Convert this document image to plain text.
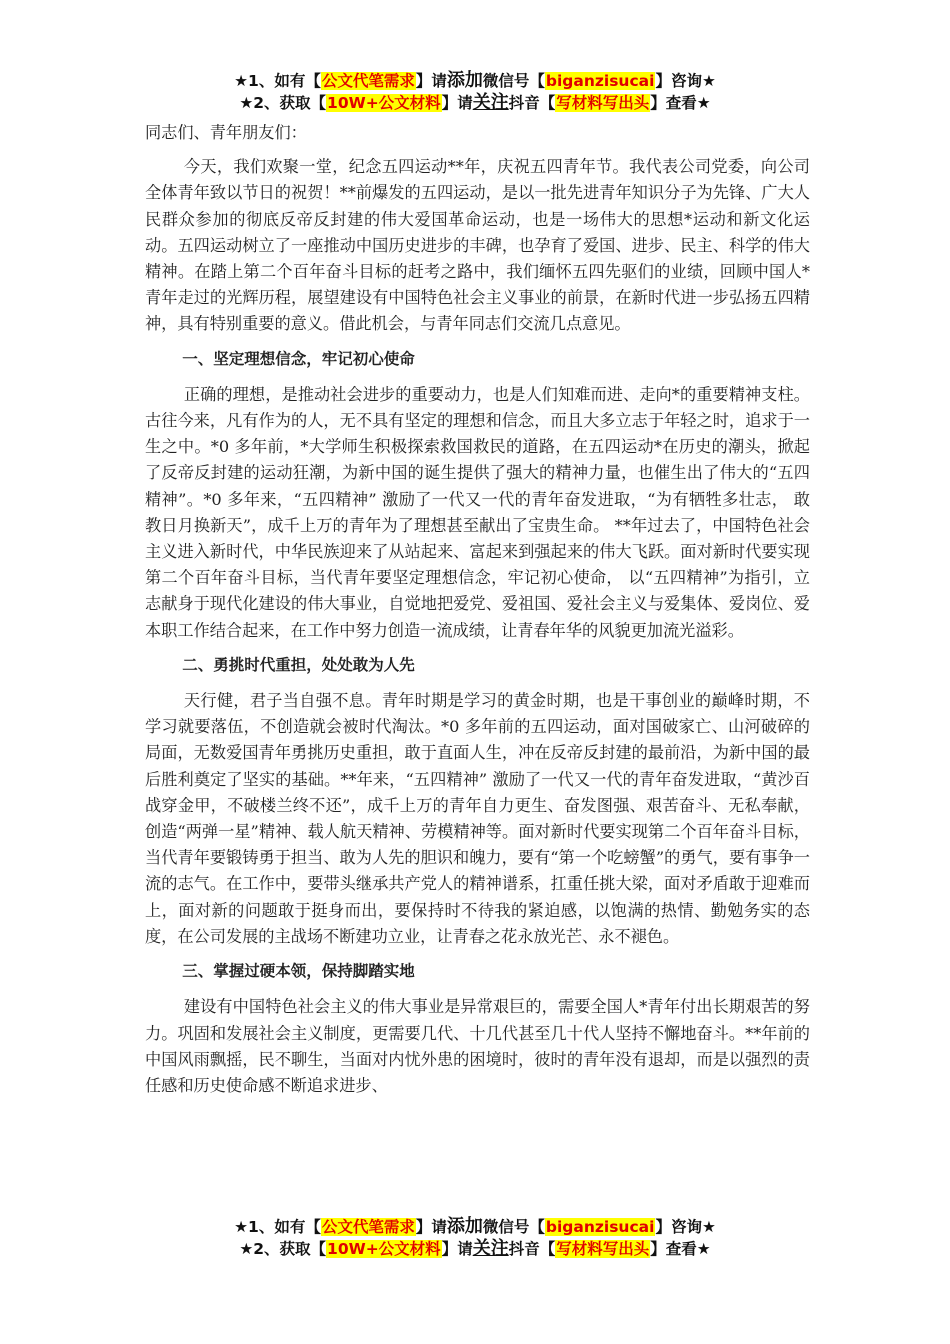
★1、如有【公文代笔需求】请添加微信号【biganzisucai】咨询★
★2、获取【10W+公文材料】请关注抖音【写材料写出头】查看★

同志们、青年朋友们：

今天，我们欢聚一堂，纪念五四运动**年，庆祝五四青年节。我代表公司党委，向公司全体青年致以节日的祝贺！**前爆发的五四运动，是以一批先进青年知识分子为先锋、广大人民群众参加的彻底反帝反封建的伟大爱国革命运动，也是一场伟大的思想*运动和新文化运动。五四运动树立了一座推动中国历史进步的丰碑，也孕育了爱国、进步、民主、科学的伟大精神。在踏上第二个百年奋斗目标的赶考之路中，我们缅怀五四先驱们的业绩，回顾中国人*青年走过的光辉历程，展望建设有中国特色社会主义事业的前景，在新时代进一步弘扬五四精神，具有特别重要的意义。借此机会，与青年同志们交流几点意见。

一、坚定理想信念，牢记初心使命

正确的理想，是推动社会进步的重要动力，也是人们知难而进、走向*的重要精神支柱。古往今来，凡有作为的人，无不具有坚定的理想和信念，而且大多立志于年轻之时，追求于一生之中。*0 多年前，*大学师生积极探索救国救民的道路，在五四运动*在历史的潮头，掀起了反帝反封建的运动狂潮，为新中国的诞生提供了强大的精神力量，也催生出了伟大的“五四精神”。*0 多年来，“五四精神” 激励了一代又一代的青年奋发进取，“为有牺牲多壮志， 敢教日月换新天”，成千上万的青年为了理想甚至献出了宝贵生命。 **年过去了，中国特色社会主义进入新时代，中华民族迎来了从站起来、富起来到强起来的伟大飞跃。面对新时代要实现第二个百年奋斗目标，当代青年要坚定理想信念，牢记初心使命， 以“五四精神”为指引，立志献身于现代化建设的伟大事业，自觉地把爱党、爱祖国、爱社会主义与爱集体、爱岗位、爱本职工作结合起来，在工作中努力创造一流成绩，让青春年华的风貌更加流光溢彩。

二、勇挑时代重担，处处敢为人先

天行健，君子当自强不息。青年时期是学习的黄金时期，也是干事创业的巅峰时期，不学习就要落伍，不创造就会被时代淘汰。*0 多年前的五四运动，面对国破家亡、山河破碎的局面，无数爱国青年勇挑历史重担，敢于直面人生，冲在反帝反封建的最前沿，为新中国的最后胜利奠定了坚实的基础。**年来，“五四精神” 激励了一代又一代的青年奋发进取，“黄沙百战穿金甲，不破楼兰终不还”，成千上万的青年自力更生、奋发图强、艰苦奋斗、无私奉献，创造“两弹一星”精神、载人航天精神、劳模精神等。面对新时代要实现第二个百年奋斗目标，当代青年要锻铸勇于担当、敢为人先的胆识和魄力，要有“第一个吃螃蟹”的勇气，要有事争一流的志气。在工作中，要带头继承共产党人的精神谱系，扛重任挑大梁，面对矛盾敢于迎难而上，面对新的问题敢于挺身而出，要保持时不待我的紧迫感，以饱满的热情、勤勉务实的态度，在公司发展的主战场不断建功立业，让青春之花永放光芒、永不褪色。

三、掌握过硬本领，保持脚踏实地

建设有中国特色社会主义的伟大事业是异常艰巨的，需要全国人*青年付出长期艰苦的努力。巩固和发展社会主义制度，更需要几代、十几代甚至几十代人坚持不懈地奋斗。**年前的中国风雨飘摇，民不聊生，当面对内忧外患的困境时，彼时的青年没有退却，而是以强烈的责任感和历史使命感不断追求进步、

★1、如有【公文代笔需求】请添加微信号【biganzisucai】咨询★
★2、获取【10W+公文材料】请关注抖音【写材料写出头】查看★
